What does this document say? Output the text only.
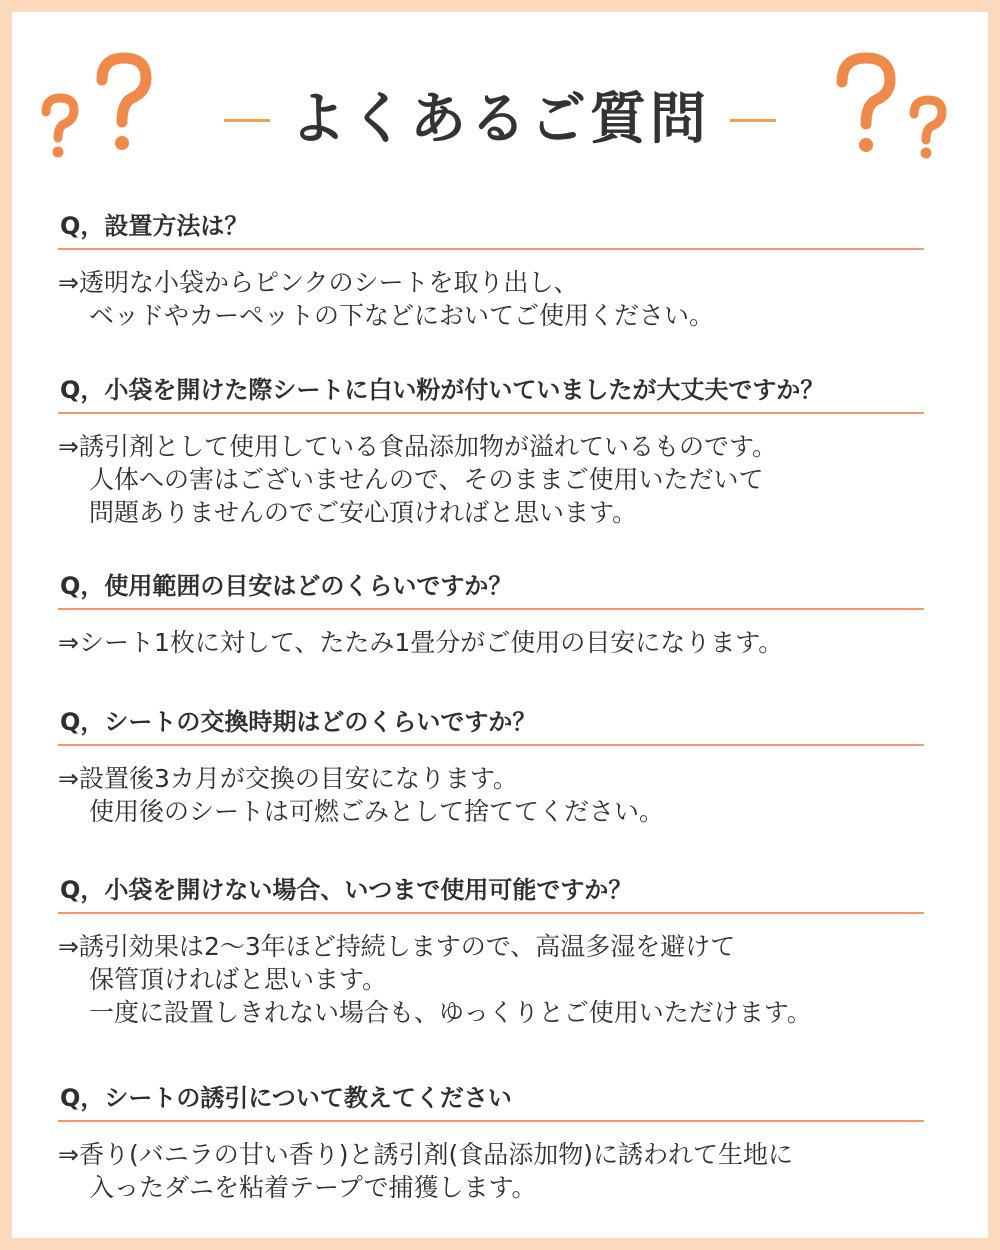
よくあるご質問
Q，設置方法は？
⇒透明な小袋からピンクのシートを取り出し、
ベッドやカーペットの下などにおいてご使用ください。
Q，小袋を開けた際シートに白い粉が付いていましたが大丈夫ですか？
⇒誘引剤として使用している食品添加物が溢れているものです。
人体への害はございませんので、そのままご使用いただいて
問題ありませんのでご安心頂ければと思います。
Q，使用範囲の目安はどのくらいですか？
⇒シート1枚に対して、たたみ1畳分がご使用の目安になります。
Q，シートの交換時期はどのくらいですか？
⇒設置後3カ月が交換の目安になります。
使用後のシートは可燃ごみとして捨ててください。
Q，小袋を開けない場合、いつまで使用可能ですか？
⇒誘引効果は2～3年ほど持続しますので、高温多湿を避けて
保管頂ければと思います。
一度に設置しきれない場合も、ゆっくりとご使用いただけます。
Q，シートの誘引について教えてください
⇒香り(バニラの甘い香り)と誘引剤(食品添加物)に誘われて生地に
入ったダニを粘着テープで捕獲します。
